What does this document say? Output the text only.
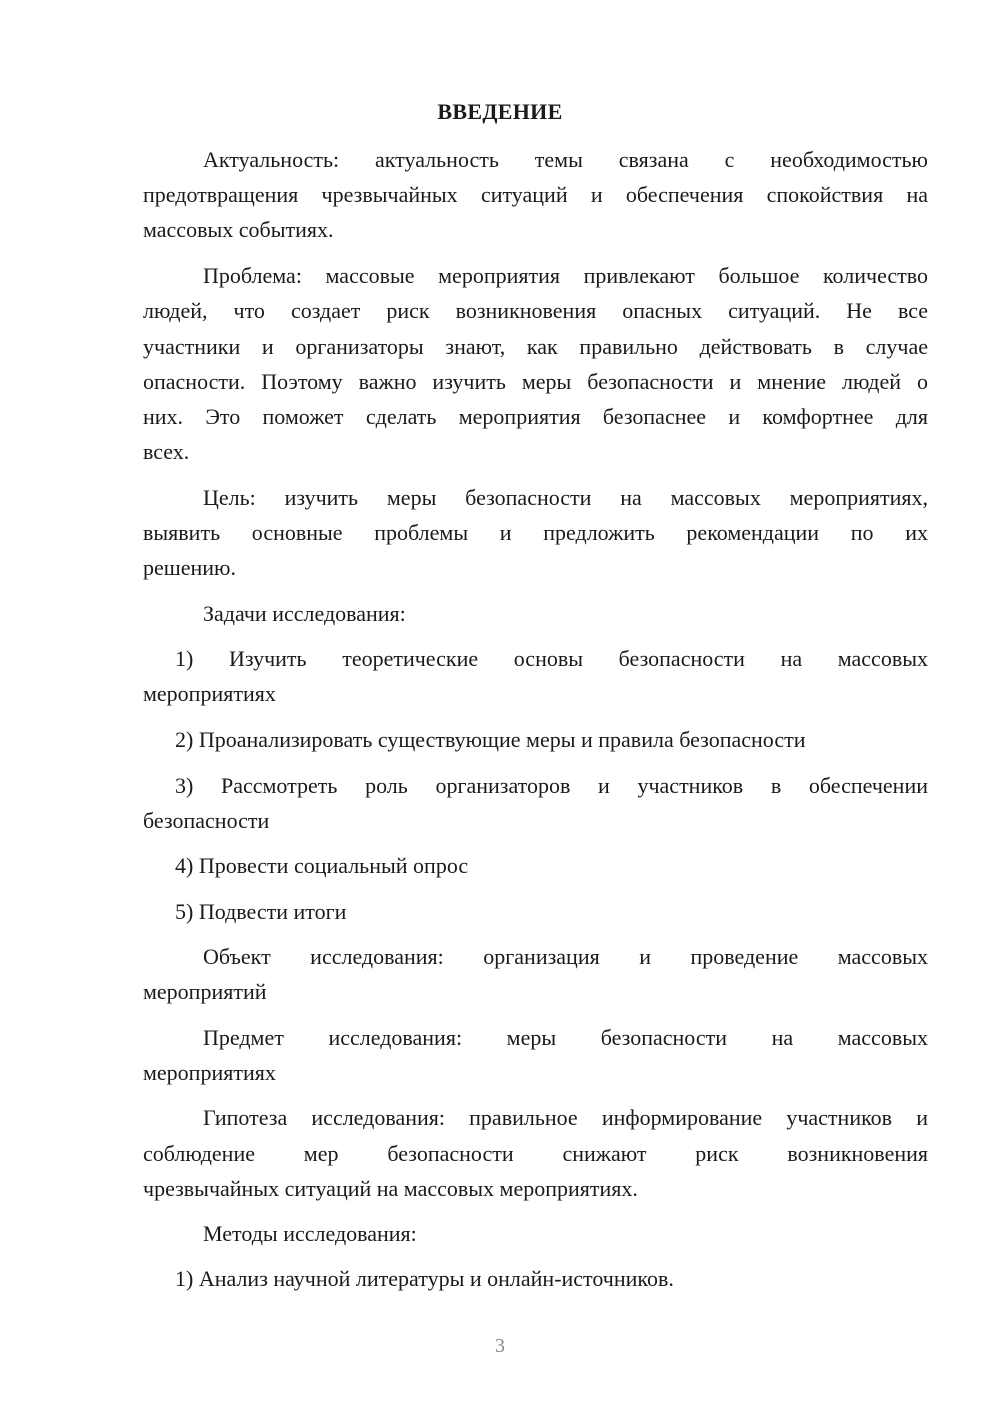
ВВЕДЕНИЕ
Актуальность: актуальность темы связана с необходимостью
предотвращения чрезвычайных ситуаций и обеспечения спокойствия на
массовых событиях.
Проблема: массовые мероприятия привлекают большое количество
людей, что создает риск возникновения опасных ситуаций. Не все
участники и организаторы знают, как правильно действовать в случае
опасности. Поэтому важно изучить меры безопасности и мнение людей о
них. Это поможет сделать мероприятия безопаснее и комфортнее для
всех.
Цель: изучить меры безопасности на массовых мероприятиях,
выявить основные проблемы и предложить рекомендации по их
решению.
Задачи исследования:
1) Изучить теоретические основы безопасности на массовых
мероприятиях
2) Проанализировать существующие меры и правила безопасности
3) Рассмотреть роль организаторов и участников в обеспечении
безопасности
4) Провести социальный опрос
5) Подвести итоги
Объект исследования: организация и проведение массовых
мероприятий
Предмет исследования: меры безопасности на массовых
мероприятиях
Гипотеза исследования: правильное информирование участников и
соблюдение мер безопасности снижают риск возникновения
чрезвычайных ситуаций на массовых мероприятиях.
Методы исследования:
1) Анализ научной литературы и онлайн-источников.
3
